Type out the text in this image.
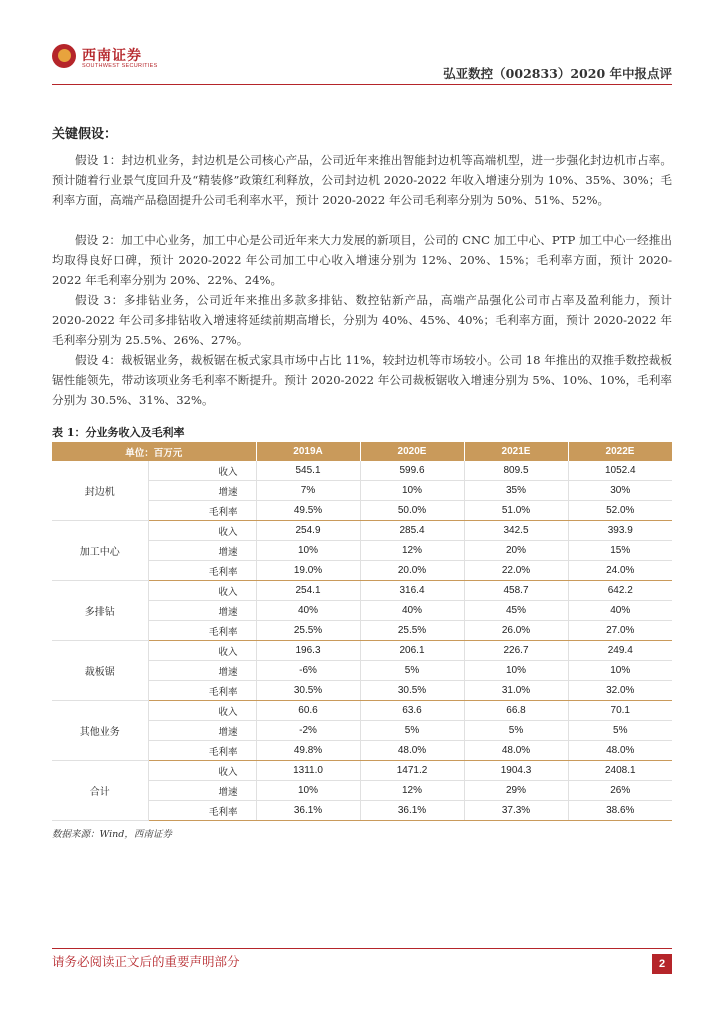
西南证券
SOUTHWEST SECURITIES	弘亚数控（002833）2020 年中报点评
关键假设：

假设 1：封边机业务，封边机是公司核心产品，公司近年来推出智能封边机等高端机型，进一步强化封边机市占率。预计随着行业景气度回升及“精装修”政策红利释放，公司封边机 2020-2022 年收入增速分别为 10%、35%、30%；毛利率方面，高端产品稳固提升公司毛利率水平，预计 2020-2022 年公司毛利率分别为 50%、51%、52%。

假设 2：加工中心业务，加工中心是公司近年来大力发展的新项目，公司的 CNC 加工中心、PTP 加工中心一经推出均取得良好口碑，预计 2020-2022 年公司加工中心收入增速分别为 12%、20%、15%；毛利率方面，预计 2020-2022 年毛利率分别为 20%、22%、24%。

假设 3：多排钻业务，公司近年来推出多款多排钻、数控钻新产品，高端产品强化公司市占率及盈利能力，预计 2020-2022 年公司多排钻收入增速将延续前期高增长，分别为 40%、45%、40%；毛利率方面，预计 2020-2022 年毛利率分别为 25.5%、26%、27%。

假设 4：裁板锯业务，裁板锯在板式家具市场中占比 11%，较封边机等市场较小。公司 18 年推出的双推手数控裁板锯性能领先，带动该项业务毛利率不断提升。预计 2020-2022 年公司裁板锯收入增速分别为 5%、10%、10%，毛利率分别为 30.5%、31%、32%。

表 1：分业务收入及毛利率
单位：百万元		2019A	2020E	2021E	2022E
封边机	收入	545.1	599.6	809.5	1052.4
	增速	7%	10%	35%	30%
	毛利率	49.5%	50.0%	51.0%	52.0%
加工中心	收入	254.9	285.4	342.5	393.9
	增速	10%	12%	20%	15%
	毛利率	19.0%	20.0%	22.0%	24.0%
多排钻	收入	254.1	316.4	458.7	642.2
	增速	40%	40%	45%	40%
	毛利率	25.5%	25.5%	26.0%	27.0%
裁板锯	收入	196.3	206.1	226.7	249.4
	增速	-6%	5%	10%	10%
	毛利率	30.5%	30.5%	31.0%	32.0%
其他业务	收入	60.6	63.6	66.8	70.1
	增速	-2%	5%	5%	5%
	毛利率	49.8%	48.0%	48.0%	48.0%
合计	收入	1311.0	1471.2	1904.3	2408.1
	增速	10%	12%	29%	26%
	毛利率	36.1%	36.1%	37.3%	38.6%
数据来源：Wind，西南证券
请务必阅读正文后的重要声明部分	2
